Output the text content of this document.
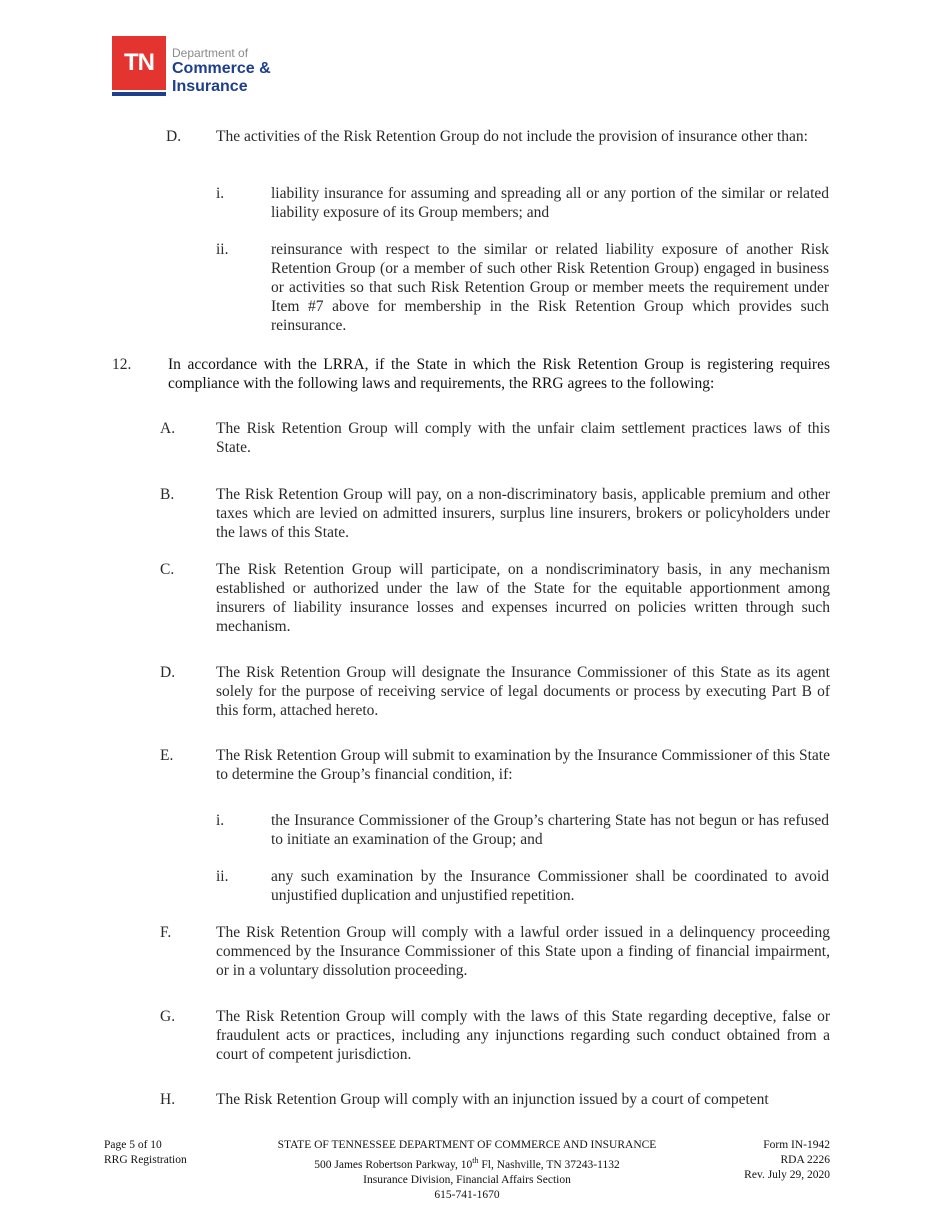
TN	Department of
Commerce &
Insurance
D. The activities of the Risk Retention Group do not include the provision of insurance other than:
i.	liability insurance for assuming and spreading all or any portion of the similar or related liability exposure of its Group members; and
ii.	reinsurance with respect to the similar or related liability exposure of another Risk Retention Group (or a member of such other Risk Retention Group) engaged in business or activities so that such Risk Retention Group or member meets the requirement under Item #7 above for membership in the Risk Retention Group which provides such reinsurance.
12. In accordance with the LRRA, if the State in which the Risk Retention Group is registering requires compliance with the following laws and requirements, the RRG agrees to the following:
A.	The Risk Retention Group will comply with the unfair claim settlement practices laws of this State.
B.	The Risk Retention Group will pay, on a non-discriminatory basis, applicable premium and other taxes which are levied on admitted insurers, surplus line insurers, brokers or policyholders under the laws of this State.
C.	The Risk Retention Group will participate, on a nondiscriminatory basis, in any mechanism established or authorized under the law of the State for the equitable apportionment among insurers of liability insurance losses and expenses incurred on policies written through such mechanism.
D.	The Risk Retention Group will designate the Insurance Commissioner of this State as its agent solely for the purpose of receiving service of legal documents or process by executing Part B of this form, attached hereto.
E.	The Risk Retention Group will submit to examination by the Insurance Commissioner of this State to determine the Group’s financial condition, if:
i.	the Insurance Commissioner of the Group’s chartering State has not begun or has refused to initiate an examination of the Group; and
ii.	any such examination by the Insurance Commissioner shall be coordinated to avoid unjustified duplication and unjustified repetition.
F.	The Risk Retention Group will comply with a lawful order issued in a delinquency proceeding commenced by the Insurance Commissioner of this State upon a finding of financial impairment, or in a voluntary dissolution proceeding.
G.	The Risk Retention Group will comply with the laws of this State regarding deceptive, false or fraudulent acts or practices, including any injunctions regarding such conduct obtained from a court of competent jurisdiction.
H.	The Risk Retention Group will comply with an injunction issued by a court of competent
Page 5 of 10
RRG Registration
STATE OF TENNESSEE DEPARTMENT OF COMMERCE AND INSURANCE
500 James Robertson Parkway, 10th Fl, Nashville, TN 37243-1132
Insurance Division, Financial Affairs Section
615-741-1670
Form IN-1942
RDA 2226
Rev. July 29, 2020
